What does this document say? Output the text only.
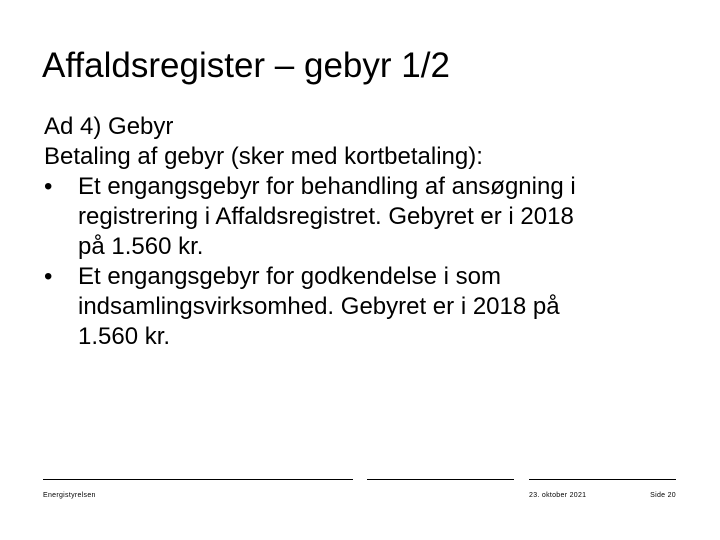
Affaldsregister – gebyr 1/2
Ad 4) Gebyr
Betaling af gebyr (sker med kortbetaling):
•	Et engangsgebyr for behandling af ansøgning i
registrering i Affaldsregistret. Gebyret er i 2018
på 1.560 kr.
•	Et engangsgebyr for godkendelse i som
indsamlingsvirksomhed. Gebyret er i 2018 på
1.560 kr.
Energistyrelsen	23. oktober 2021	Side 20
